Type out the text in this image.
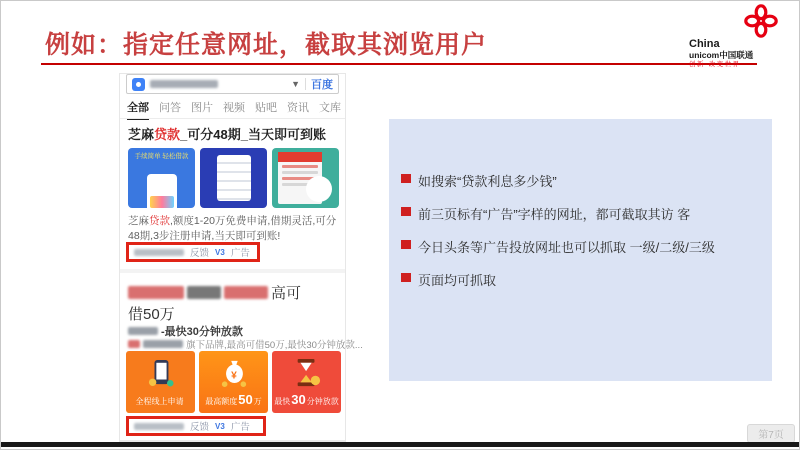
例如：指定任意网址，截取其浏览用户	China
unicom中国联通
创新·改变世界
▼ 百度
全部 问答 图片 视频 贴吧 资讯 文库
芝麻贷款_可分48期_当天即可到账
手续简单 轻松借款
芝麻贷款,额度1-20万免费申请,借期灵活,可分48期,3步注册申请,当天即可到账!
反馈 V3 广告
高可
借50万
-最快30分钟放款
旗下品牌,最高可借50万,最快30分钟放款...
全程线上申请
¥
最高额度50万 最快30分钟放款
反馈 V3 广告
如搜索“贷款利息多少钱”
前三页标有“广告”字样的网址，都可截取其访 客
今日头条等广告投放网址也可以抓取 一级/二级/三级
页面均可抓取
第7页
